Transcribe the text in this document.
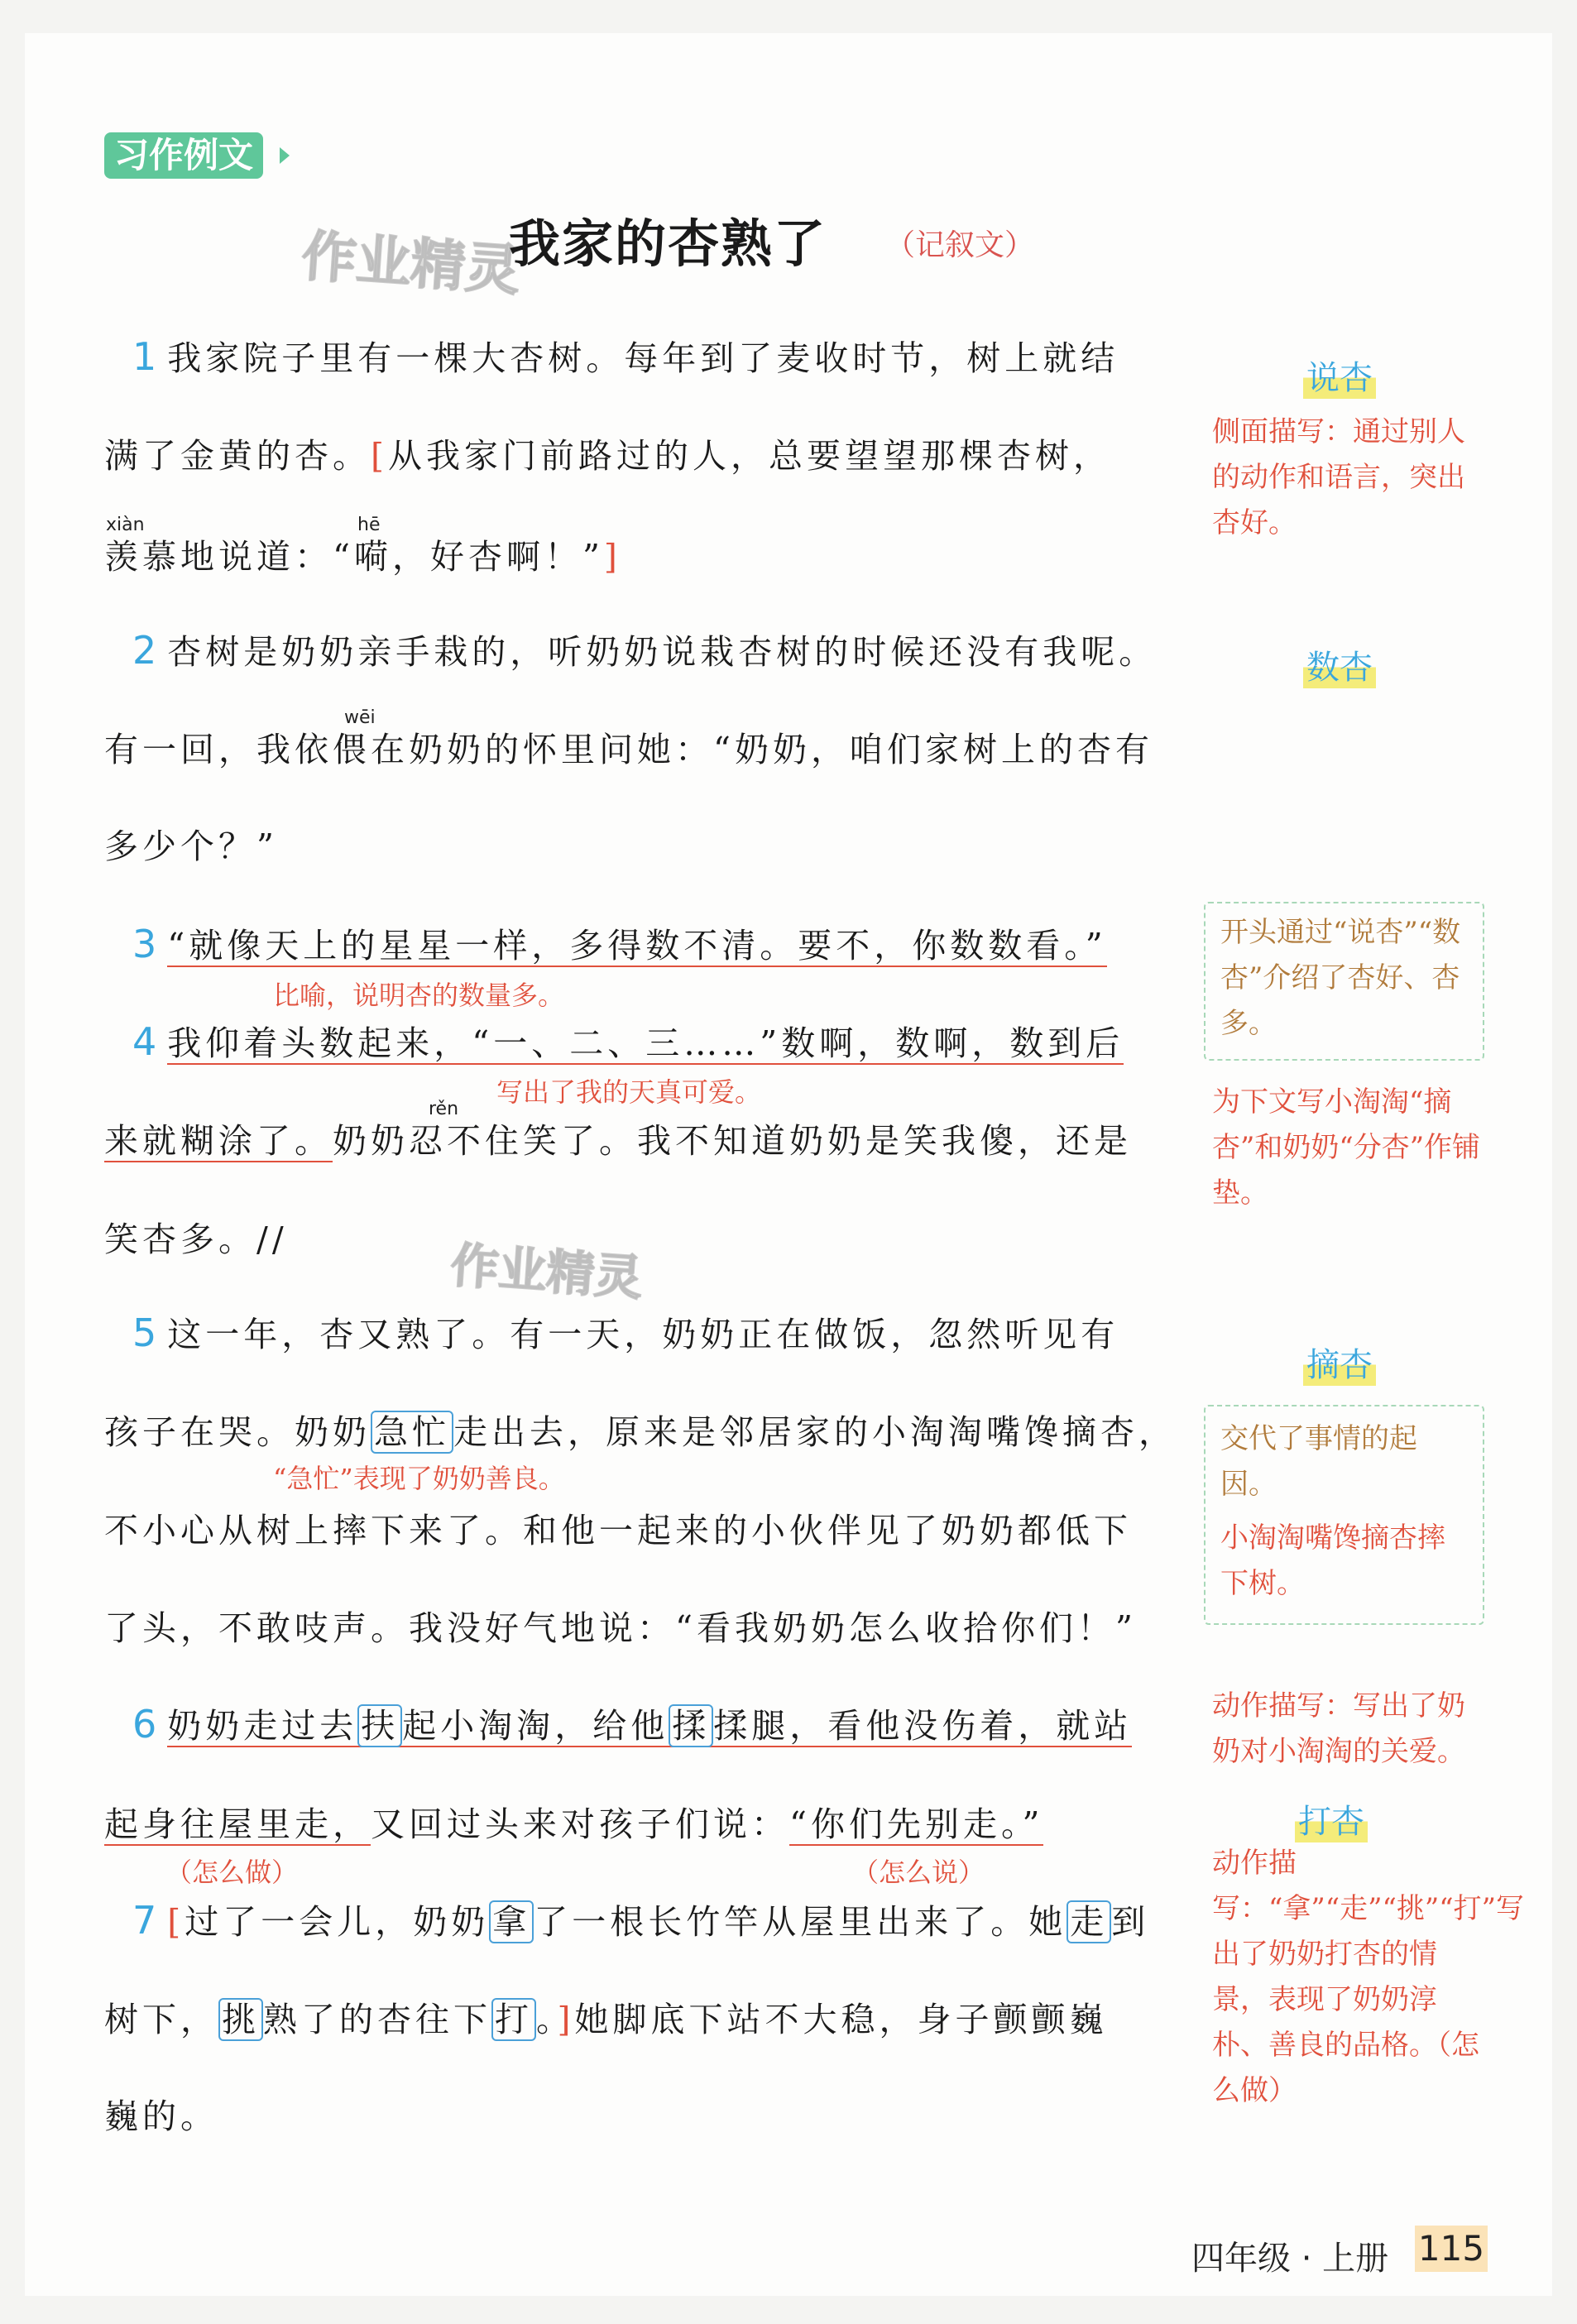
习作例文
作业精灵
我家的杏熟了 （记叙文）
1 我家院子里有一棵大杏树。每年到了麦收时节，树上就结
满了金黄的杏。[从我家门前路过的人，总要望望那棵杏树，
xiàn	hē
羡慕地说道：“嗬，好杏啊！”]
2 杏树是奶奶亲手栽的，听奶奶说栽杏树的时候还没有我呢。
wēi
有一回，我依偎在奶奶的怀里问她：“奶奶，咱们家树上的杏有
多少个？”
3 “就像天上的星星一样，多得数不清。要不，你数数看。”
比喻，说明杏的数量多。
4 我仰着头数起来，“一、二、三……”数啊，数啊，数到后
写出了我的天真可爱。
rěn
来就糊涂了。奶奶忍不住笑了。我不知道奶奶是笑我傻，还是
笑杏多。//	作业精灵
5 这一年，杏又熟了。有一天，奶奶正在做饭，忽然听见有
孩子在哭。奶奶急忙走出去，原来是邻居家的小淘淘嘴馋摘杏，
“急忙”表现了奶奶善良。
不小心从树上摔下来了。和他一起来的小伙伴见了奶奶都低下
了头，不敢吱声。我没好气地说：“看我奶奶怎么收拾你们！”
6 奶奶走过去扶起小淘淘，给他揉揉腿，看他没伤着，就站
起身往屋里走，又回过头来对孩子们说：“你们先别走。”
（怎么做）	（怎么说）
7 [过了一会儿，奶奶拿了一根长竹竿从屋里出来了。她走到
树下，挑熟了的杏往下打。]她脚底下站不大稳，身子颤颤巍
巍的。
说杏
侧面描写：通过别人的动作和语言，突出杏好。
数杏
开头通过“说杏”“数杏”介绍了杏好、杏多。
为下文写小淘淘“摘杏”和奶奶“分杏”作铺垫。
摘杏
交代了事情的起因。
小淘淘嘴馋摘杏摔下树。
动作描写：写出了奶奶对小淘淘的关爱。
打杏
动作描写：“拿”“走”“挑”“打”写出了奶奶打杏的情景，表现了奶奶淳朴、善良的品格。（怎么做）
四年级 · 上册 115
